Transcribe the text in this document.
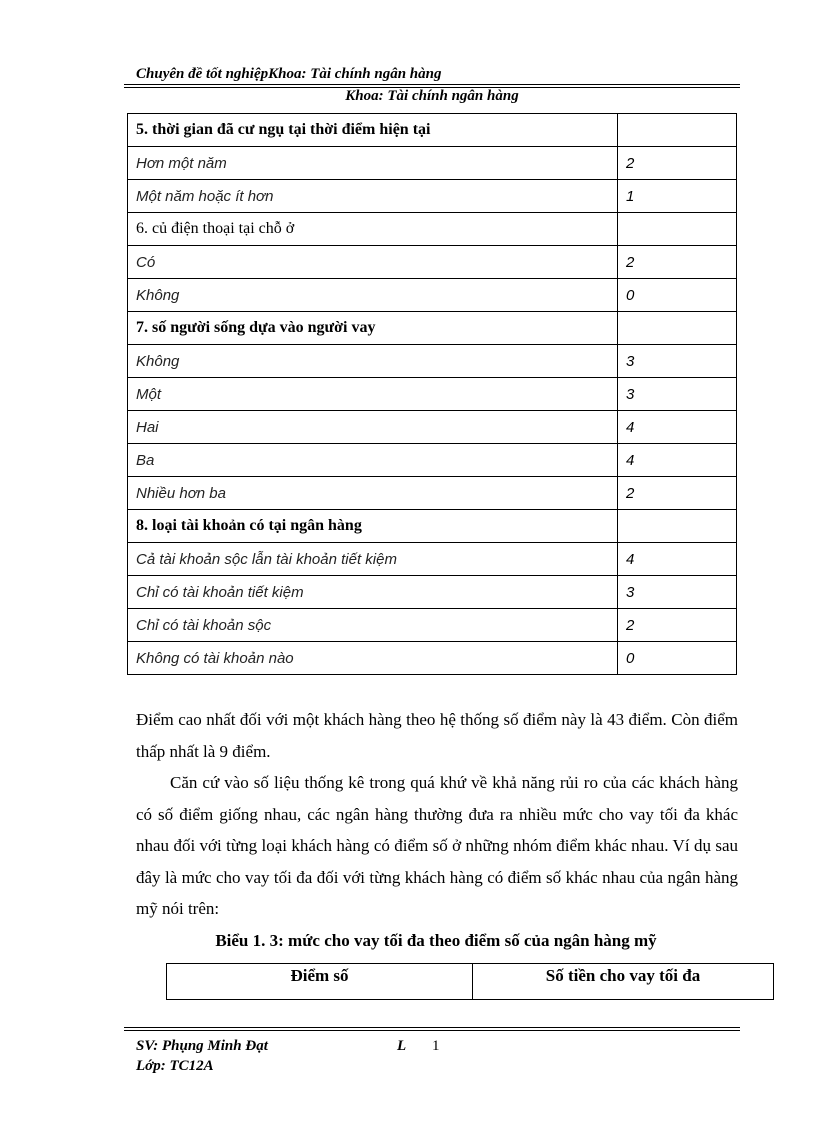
Chuyên đề tốt nghiệpKhoa: Tài chính ngân hàng
Khoa: Tài chính ngân hàng
5. thời gian đã cư ngụ tại thời điểm hiện tại	
Hơn một năm	2
Một năm hoặc ít hơn	1
6. củ điện thoại tại chỗ ở	
Có	2
Không	0
7. số người sống dựa vào người vay	
Không	3
Một	3
Hai	4
Ba	4
Nhiều hơn ba	2
8. loại tài khoản có tại ngân hàng	
Cả tài khoản sộc lẫn tài khoản tiết kiệm	4
Chỉ có tài khoản tiết kiệm	3
Chỉ có tài khoản sộc	2
Không có tài khoản nào	0
Điểm cao nhất đối với một khách hàng theo hệ thống số điểm này là 43 điểm. Còn điểm thấp nhất là 9 điểm.
Căn cứ vào số liệu thống kê trong quá khứ về khả năng rủi ro của các khách hàng có số điểm giống nhau, các ngân hàng thường đưa ra nhiều mức cho vay tối đa khác nhau đối với từng loại khách hàng có điểm số ở những nhóm điểm khác nhau. Ví dụ sau đây là mức cho vay tối đa đối với từng khách hàng có điểm số khác nhau của ngân hàng mỹ nói trên:
Biểu 1. 3: mức cho vay tối đa theo điểm số của ngân hàng mỹ
Điểm số	Số tiền cho vay tối đa
SV: Phụng Minh Đạt	L 1
Lớp: TC12A
